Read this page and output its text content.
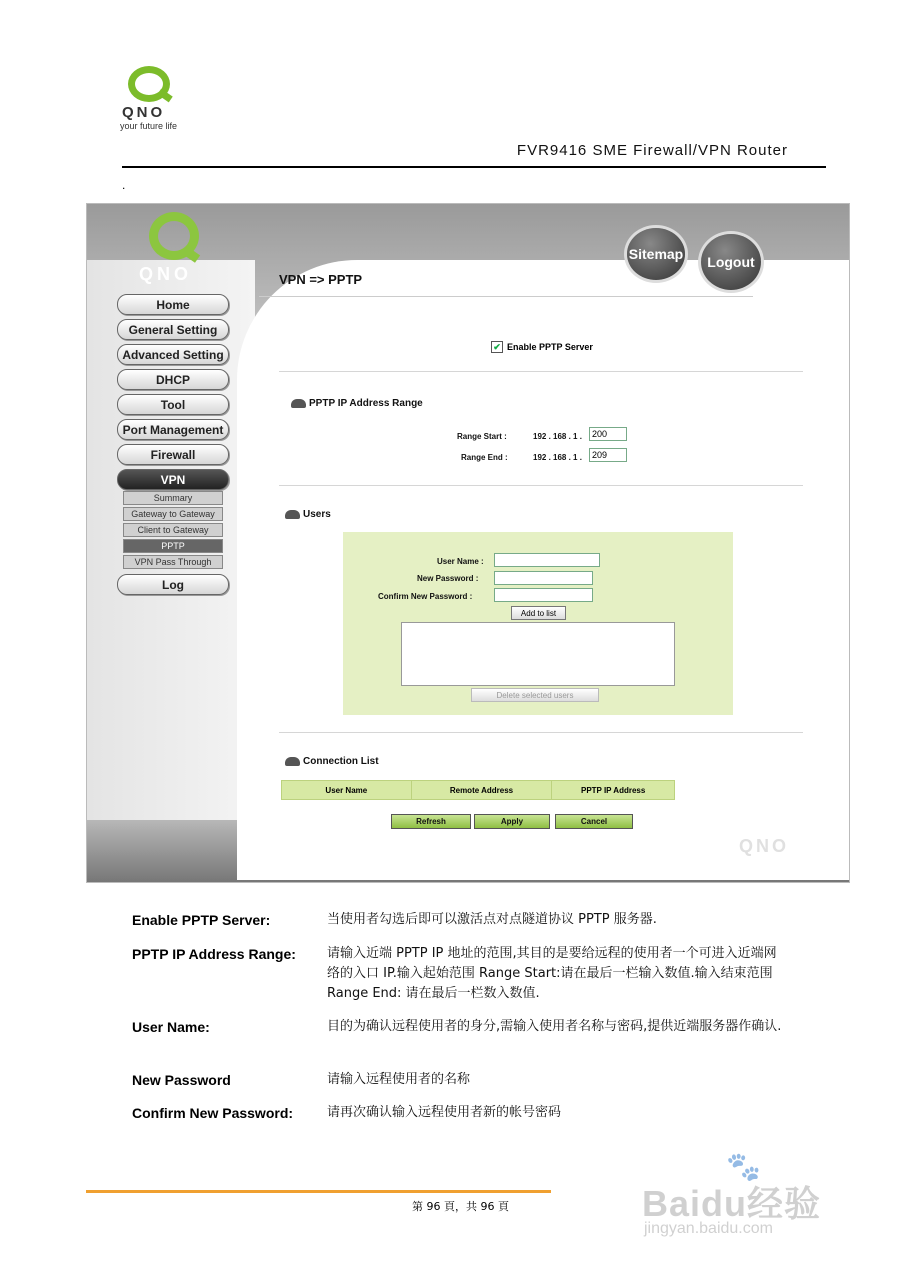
QNO
your future life
FVR9416 SME Firewall/VPN Router
.
QNO
Sitemap	Logout
VPN => PPTP
Home
General Setting
Advanced Setting
DHCP
Tool
Port Management
Firewall
VPN
Summary
Gateway to Gateway
Client to Gateway
PPTP
VPN Pass Through
Log
✔ Enable PPTP Server
PPTP IP Address Range
Range Start :	192 . 168 . 1 .	200
Range End :	192 . 168 . 1 .	209
Users
User Name :
New Password :
Confirm New Password :
Add to list
Delete selected users
Connection List
User Name	Remote Address	PPTP IP Address
Refresh	Apply	Cancel
QNO
your future life
Enable PPTP Server:	当使用者勾选后即可以激活点对点隧道协议 PPTP 服务器.
PPTP IP Address Range: 请输入近端 PPTP IP 地址的范围,其目的是要给远程的使用者一个可进入近端网络的入口 IP.输入起始范围 Range Start:请在最后一栏输入数值.输入结束范围 Range End: 请在最后一栏数入数值.
User Name:	目的为确认远程使用者的身分,需输入使用者名称与密码,提供近端服务器作确认.
New Password	请输入远程使用者的名称
Confirm New Password:	请再次确认输入远程使用者新的帐号密码
第 96 頁，共 96 頁
🐾
Baidu经验
jingyan.baidu.com
